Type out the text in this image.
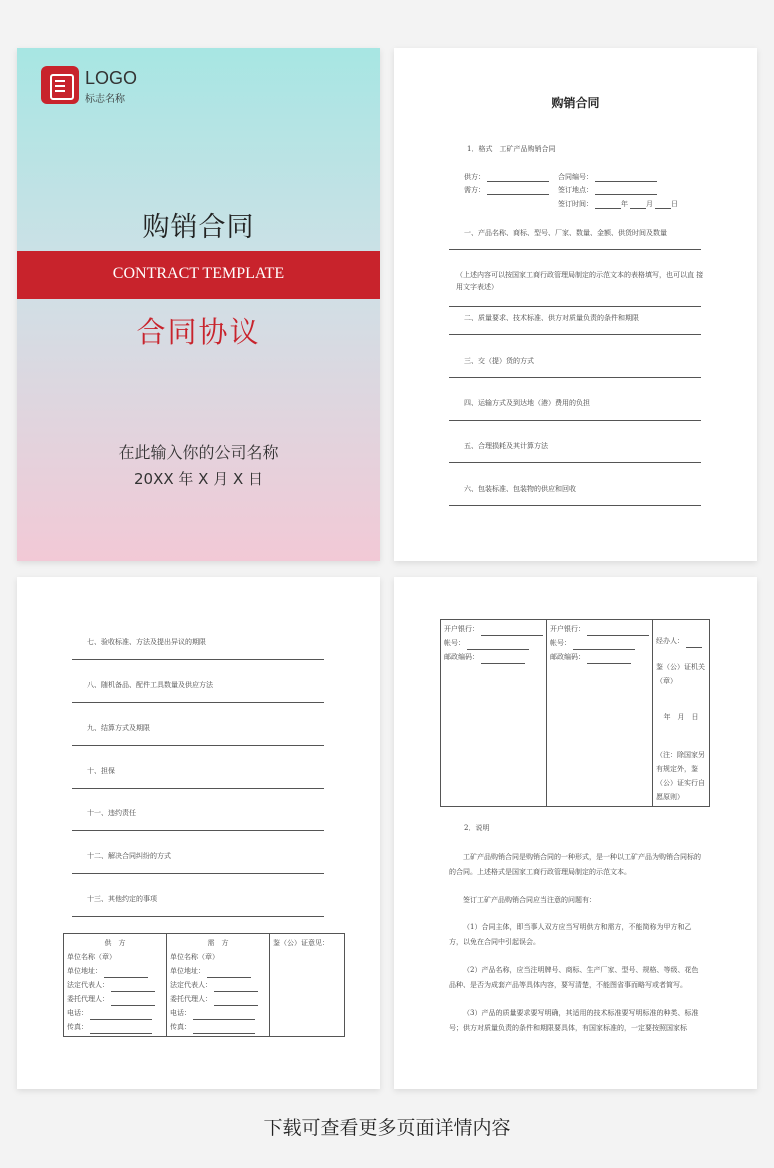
LOGO
标志名称
购销合同
CONTRACT TEMPLATE
合同协议
在此输入你的公司名称
20XX 年 X 月 X 日
购销合同
1．格式　工矿产品购销合同
供方：	合同编号：
需方：	签订地点：
签订时间：	年	月	日
一、产品名称、商标、型号、厂家、数量、金额、供货时间及数量
（上述内容可以按国家工商行政管理局制定的示范文本的表格填写，也可以直 接用文字表述）
二、质量要求、技术标准、供方对质量负责的条件和期限
三、交（提）货的方式
四、运输方式及到达地（港）费用的负担
五、合理损耗及其计算方法
六、包装标准、包装物的供应和回收
七、验收标准、方法及提出异议的期限
八、随机备品、配件工具数量及供应方法
九、结算方式及期限
十、担保
十一、违约责任
十二、解决合同纠纷的方式
十三、其他约定的事项
供　方
单位名称（章）
单位地址：
法定代表人：
委托代理人：
电话：
传真：

需　方
单位名称（章）
单位地址：
法定代表人：
委托代理人：
电话：
传真：

鉴（公）证意见：
开户银行：
帐号：
邮政编码：

开户银行：
帐号：
邮政编码：

经办人：
鉴（公）证机关（章）
年　月　日
（注：除国家另有规定外，鉴（公）证实行自愿原则）
2．说明
工矿产品购销合同是购销合同的一种形式，是一种以工矿产品为购销合同标的 的合同。上述格式是国家工商行政管理局制定的示范文本。
签订工矿产品购销合同应当注意的问题有：
（1）合同主体，即当事人双方应当写明供方和需方，不能简称为甲方和乙方，以免在合同中引起误会。
（2）产品名称，应当注明牌号、商标、生产厂家、型号、规格、等级、花色品种、是否为成套产品等具体内容，要写清楚，不能图省事而略写或者简写。
（3）产品的质量要求要写明确，其适用的技术标准要写明标准的种类、标准号；供方对质量负责的条件和期限要具体，有国家标准的，一定要按照国家标
下载可查看更多页面详情内容
